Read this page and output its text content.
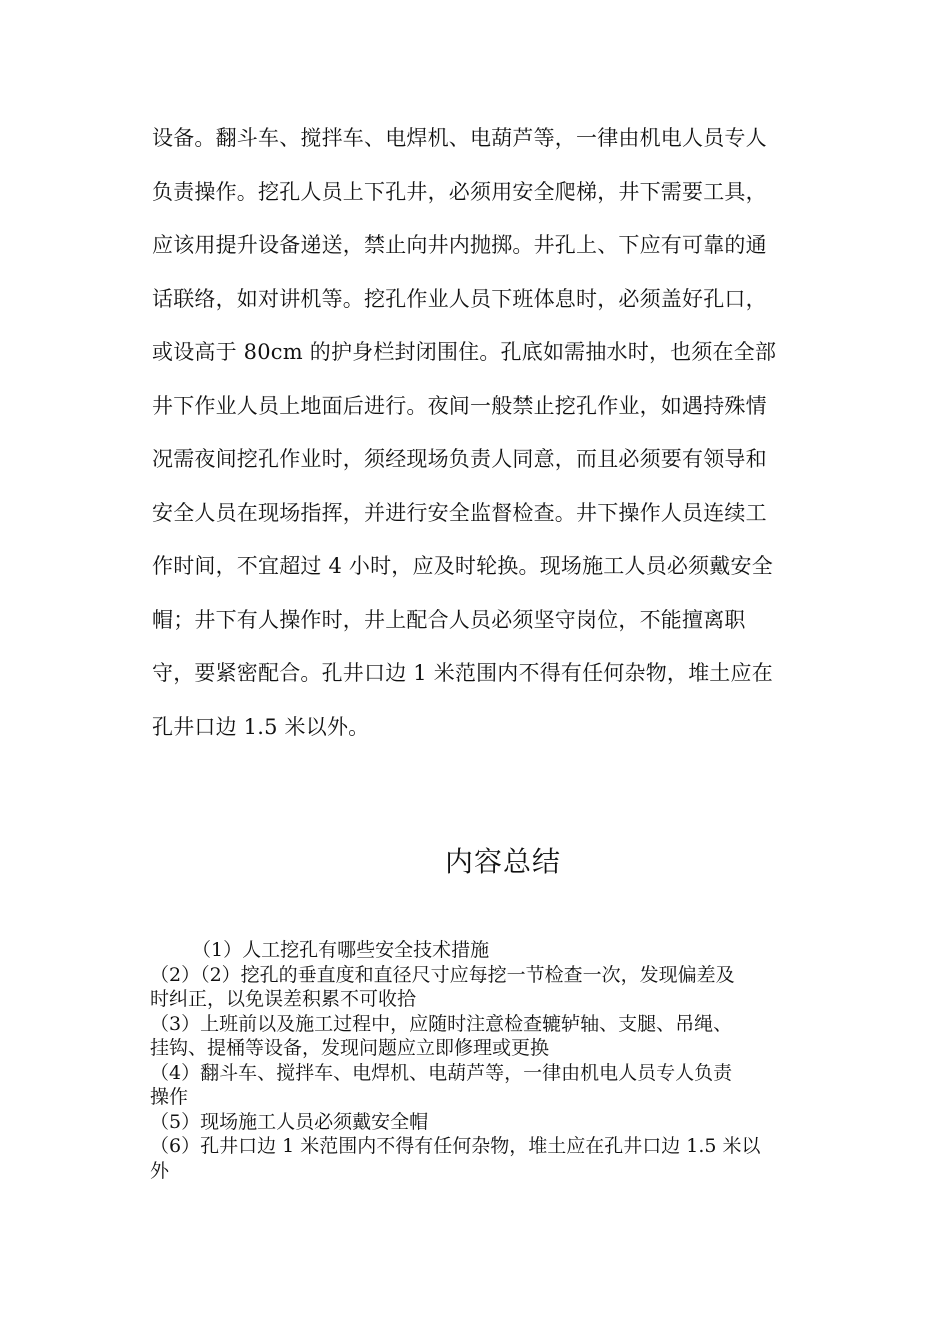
设备。翻斗车、搅拌车、电焊机、电葫芦等，一律由机电人员专人
负责操作。挖孔人员上下孔井，必须用安全爬梯，井下需要工具，
应该用提升设备递送，禁止向井内抛掷。井孔上、下应有可靠的通
话联络，如对讲机等。挖孔作业人员下班体息时，必须盖好孔口，
或设高于 80cm 的护身栏封闭围住。孔底如需抽水时，也须在全部
井下作业人员上地面后进行。夜间一般禁止挖孔作业，如遇持殊情
况需夜间挖孔作业时，须经现场负责人同意，而且必须要有领导和
安全人员在现场指挥，并进行安全监督检查。井下操作人员连续工
作时间，不宜超过 4 小时，应及时轮换。现场施工人员必须戴安全
帽；井下有人操作时，井上配合人员必须坚守岗位，不能擅离职
守，要紧密配合。孔井口边 1 米范围内不得有任何杂物，堆土应在
孔井口边 1.5 米以外。
内容总结
（1）人工挖孔有哪些安全技术措施
（2）（2）挖孔的垂直度和直径尺寸应每挖一节检查一次，发现偏差及
时纠正，以免误差积累不可收拾
（3）上班前以及施工过程中，应随时注意检查辘轳轴、支腿、吊绳、
挂钩、提桶等设备，发现问题应立即修理或更换
（4）翻斗车、搅拌车、电焊机、电葫芦等，一律由机电人员专人负责
操作
（5）现场施工人员必须戴安全帽
（6）孔井口边 1 米范围内不得有任何杂物，堆土应在孔井口边 1.5 米以
外
